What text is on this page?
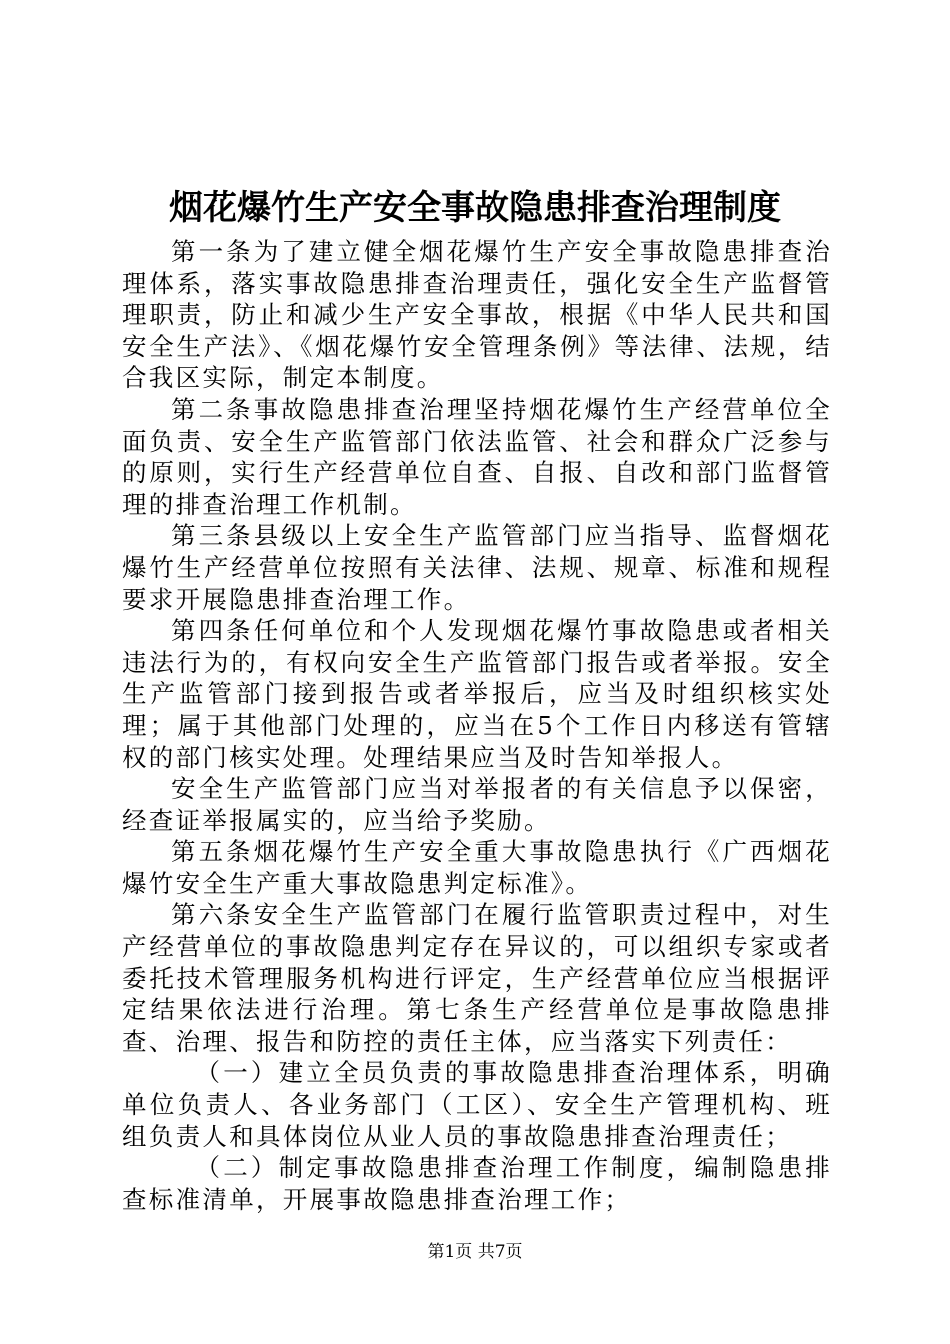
烟花爆竹生产安全事故隐患排查治理制度

第一条为了建立健全烟花爆竹生产安全事故隐患排查治理体系，落实事故隐患排查治理责任，强化安全生产监督管理职责，防止和减少生产安全事故，根据《中华人民共和国安全生产法》、《烟花爆竹安全管理条例》等法律、法规，结合我区实际，制定本制度。

第二条事故隐患排查治理坚持烟花爆竹生产经营单位全面负责、安全生产监管部门依法监管、社会和群众广泛参与的原则，实行生产经营单位自查、自报、自改和部门监督管理的排查治理工作机制。

第三条县级以上安全生产监管部门应当指导、监督烟花爆竹生产经营单位按照有关法律、法规、规章、标准和规程要求开展隐患排查治理工作。

第四条任何单位和个人发现烟花爆竹事故隐患或者相关违法行为的，有权向安全生产监管部门报告或者举报。安全生产监管部门接到报告或者举报后，应当及时组织核实处理；属于其他部门处理的，应当在5个工作日内移送有管辖权的部门核实处理。处理结果应当及时告知举报人。

安全生产监管部门应当对举报者的有关信息予以保密，经查证举报属实的，应当给予奖励。

第五条烟花爆竹生产安全重大事故隐患执行《广西烟花爆竹安全生产重大事故隐患判定标准》。

第六条安全生产监管部门在履行监管职责过程中，对生产经营单位的事故隐患判定存在异议的，可以组织专家或者委托技术管理服务机构进行评定，生产经营单位应当根据评定结果依法进行治理。第七条生产经营单位是事故隐患排查、治理、报告和防控的责任主体，应当落实下列责任：

（一）建立全员负责的事故隐患排查治理体系，明确单位负责人、各业务部门（工区）、安全生产管理机构、班组负责人和具体岗位从业人员的事故隐患排查治理责任；

（二）制定事故隐患排查治理工作制度，编制隐患排查标准清单，开展事故隐患排查治理工作；

第1页 共7页
